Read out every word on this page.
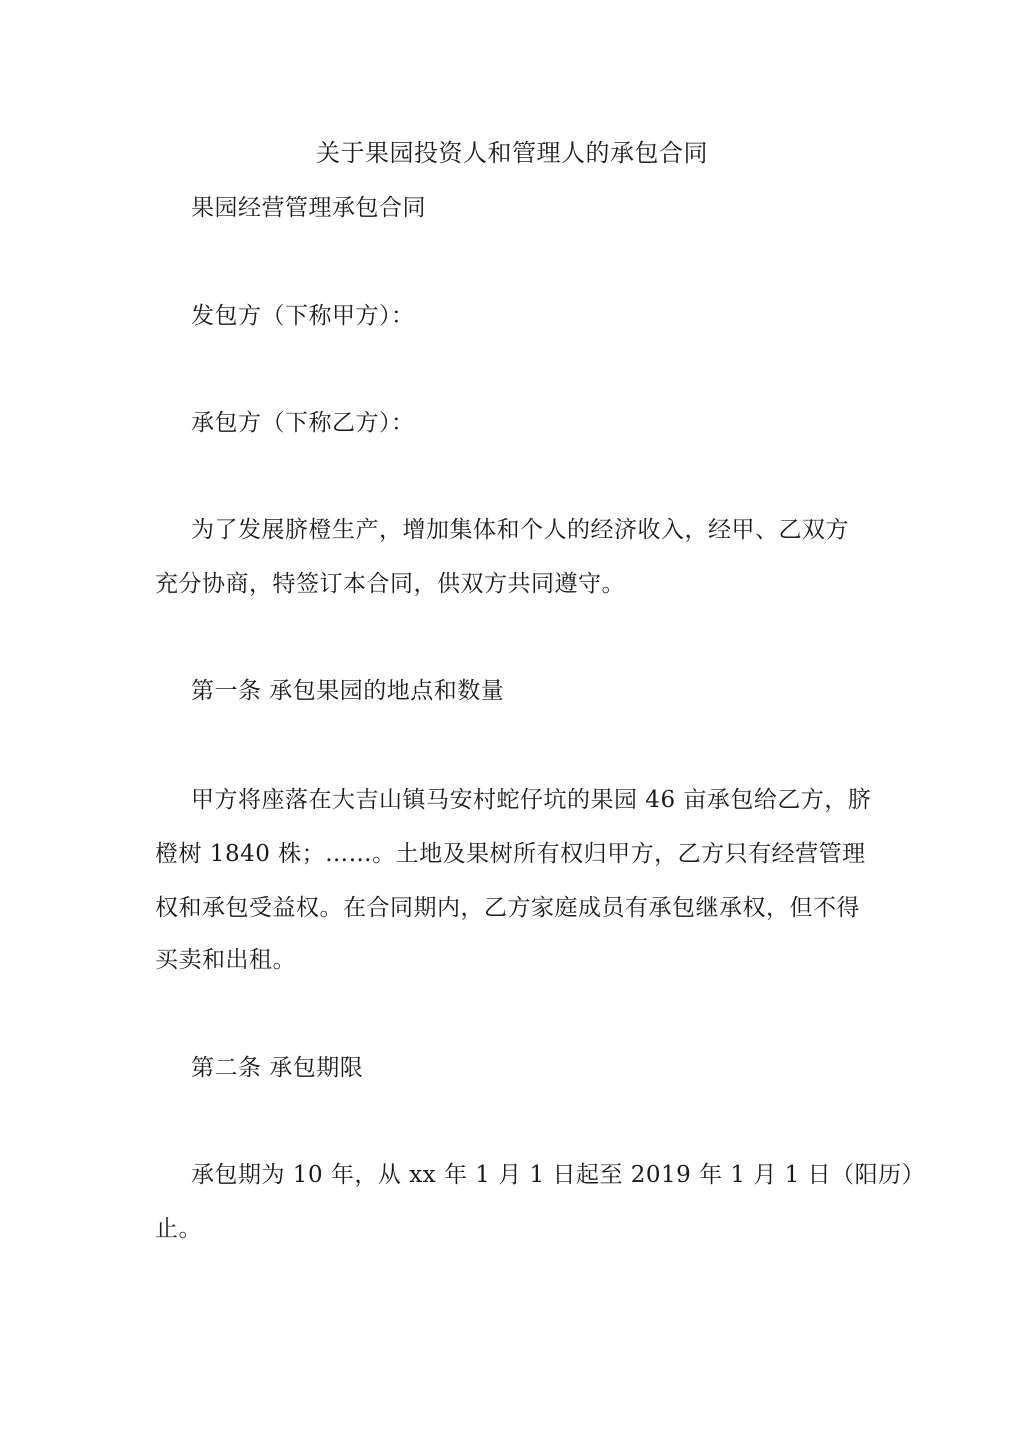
关于果园投资人和管理人的承包合同
果园经营管理承包合同
发包方（下称甲方）：
承包方（下称乙方）：
为了发展脐橙生产，增加集体和个人的经济收入，经甲、乙双方
充分协商，特签订本合同，供双方共同遵守。
第一条 承包果园的地点和数量
甲方将座落在大吉山镇马安村蛇仔坑的果园 46 亩承包给乙方，脐
橙树 1840 株；……。土地及果树所有权归甲方，乙方只有经营管理
权和承包受益权。在合同期内，乙方家庭成员有承包继承权，但不得
买卖和出租。
第二条 承包期限
承包期为 10 年，从 xx 年 1 月 1 日起至 2019 年 1 月 1 日（阳历）
止。
